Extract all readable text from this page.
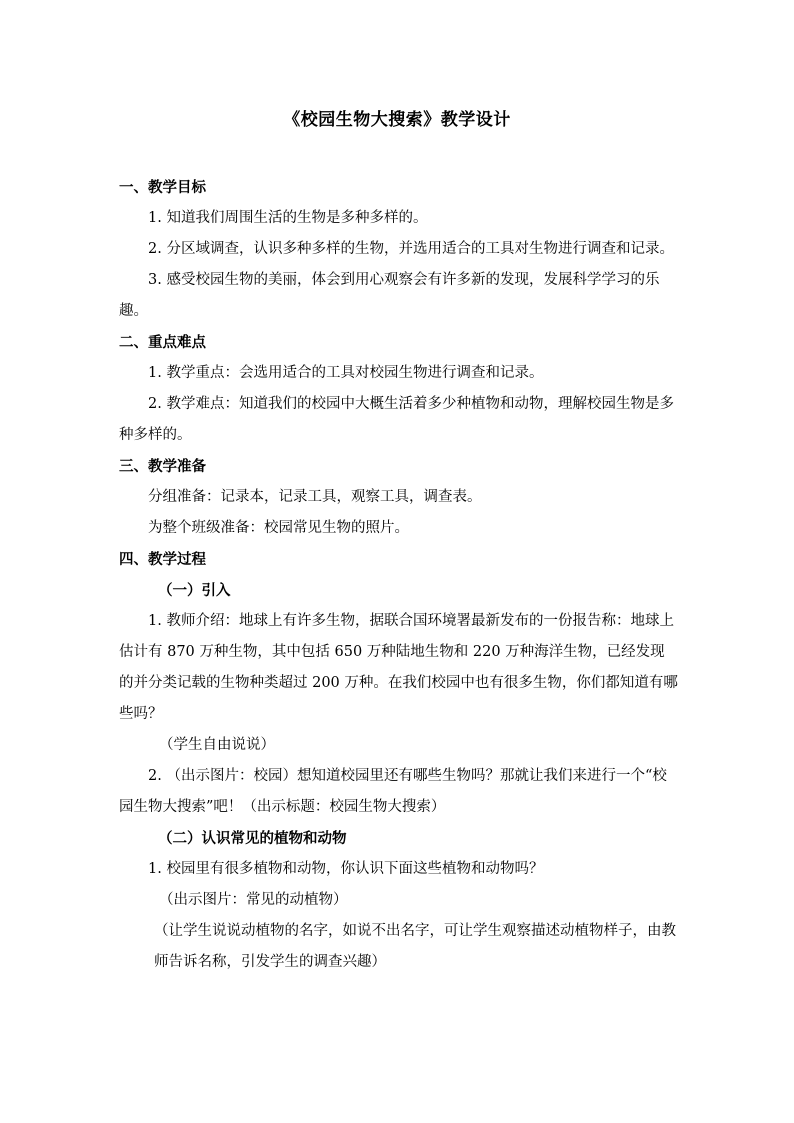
《校园生物大搜索》教学设计

一、教学目标

1. 知道我们周围生活的生物是多种多样的。

2. 分区域调查，认识多种多样的生物，并选用适合的工具对生物进行调查和记录。

3. 感受校园生物的美丽，体会到用心观察会有许多新的发现，发展科学学习的乐趣。

二、重点难点

1. 教学重点：会选用适合的工具对校园生物进行调查和记录。

2. 教学难点：知道我们的校园中大概生活着多少种植物和动物，理解校园生物是多种多样的。

三、教学准备

分组准备：记录本，记录工具，观察工具，调查表。

为整个班级准备：校园常见生物的照片。

四、教学过程

（一）引入

1. 教师介绍：地球上有许多生物，据联合国环境署最新发布的一份报告称：地球上估计有 870 万种生物，其中包括 650 万种陆地生物和 220 万种海洋生物，已经发现的并分类记载的生物种类超过 200 万种。在我们校园中也有很多生物，你们都知道有哪些吗？

（学生自由说说）

2. （出示图片：校园）想知道校园里还有哪些生物吗？那就让我们来进行一个“校园生物大搜索”吧！（出示标题：校园生物大搜索）

（二）认识常见的植物和动物

1. 校园里有很多植物和动物，你认识下面这些植物和动物吗？

（出示图片：常见的动植物）

（让学生说说动植物的名字，如说不出名字，可让学生观察描述动植物样子，由教师告诉名称，引发学生的调查兴趣）
